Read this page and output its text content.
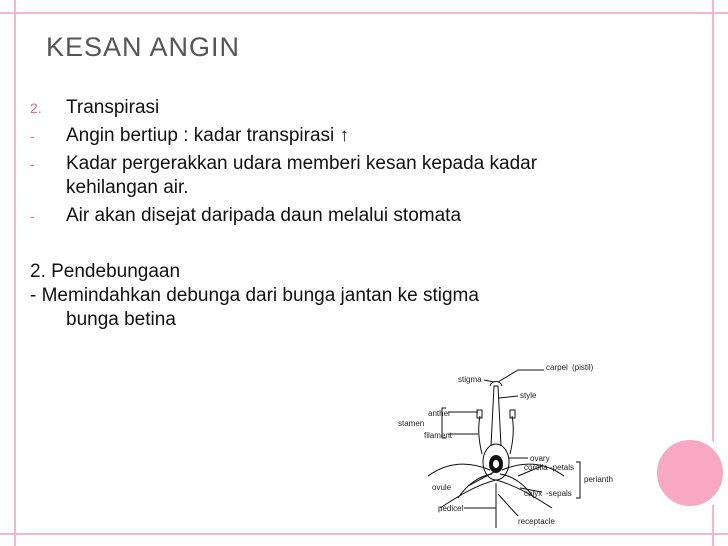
KESAN ANGIN
2. Transpirasi
- Angin bertiup : kadar transpirasi ↑
- Kadar pergerakkan udara memberi kesan kepada kadar kehilangan air.
- Air akan disejat daripada daun melalui stomata
2. Pendebungaan
- Memindahkan debunga dari bunga jantan ke stigma
bunga betina
carpel (pistil)
stigma
style
anther
stamen
filament
ovary
corolla -petals
perianth
ovule
calyx -sepals
pedicel
receptacle
